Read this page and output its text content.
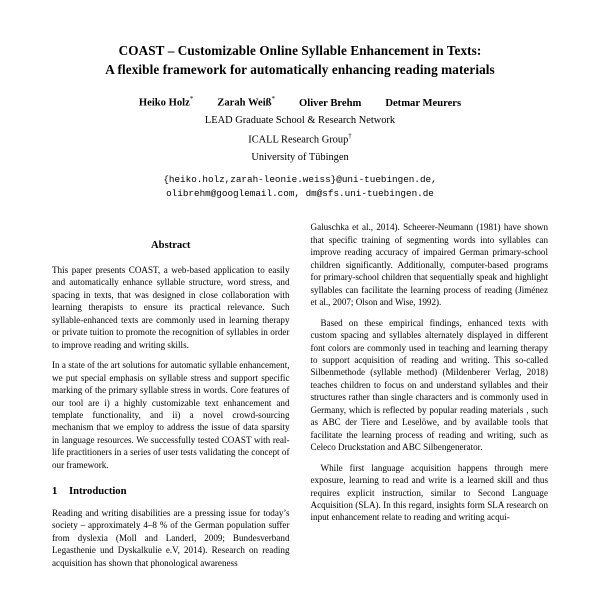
COAST – Customizable Online Syllable Enhancement in Texts:
A flexible framework for automatically enhancing reading materials
Heiko Holz* Zarah Weiß* Oliver Brehm Detmar Meurers
LEAD Graduate School & Research Network
ICALL Research Group†
University of Tübingen
{heiko.holz,zarah-leonie.weiss}@uni-tuebingen.de,
olibrehm@googlemail.com, dm@sfs.uni-tuebingen.de
Abstract

This paper presents COAST, a web-based application to easily and automatically enhance syllable structure, word stress, and spacing in texts, that was designed in close collaboration with learning therapists to ensure its practical relevance. Such syllable-enhanced texts are commonly used in learning therapy or private tuition to promote the recognition of syllables in order to improve reading and writing skills.

In a state of the art solutions for automatic syllable enhancement, we put special emphasis on syllable stress and support specific marking of the primary syllable stress in words. Core features of our tool are i) a highly customizable text enhancement and template functionality, and ii) a novel crowd-sourcing mechanism that we employ to address the issue of data sparsity in language resources. We successfully tested COAST with real-life practitioners in a series of user tests validating the concept of our framework.

1 Introduction

Reading and writing disabilities are a pressing issue for today’s society – approximately 4–8 % of the German population suffer from dyslexia (Moll and Landerl, 2009; Bundesverband Legasthenie und Dyskalkulie e.V, 2014). Research on reading acquisition has shown that phonological awareness

Galuschka et al., 2014). Scheerer-Neumann (1981) have shown that specific training of segmenting words into syllables can improve reading accuracy of impaired German primary-school children significantly. Additionally, computer-based programs for primary-school children that sequentially speak and highlight syllables can facilitate the learning process of reading (Jiménez et al., 2007; Olson and Wise, 1992).

Based on these empirical findings, enhanced texts with custom spacing and syllables alternately displayed in different font colors are commonly used in teaching and learning therapy to support acquisition of reading and writing. This so-called Silbenmethode (syllable method) (Mildenberer Verlag, 2018) teaches children to focus on and understand syllables and their structures rather than single characters and is commonly used in Germany, which is reflected by popular reading materials , such as ABC der Tiere and Leselöwe, and by available tools that facilitate the learning process of reading and writing, such as Celeco Druckstation and ABC Silbengenerator.

While first language acquisition happens through mere exposure, learning to read and write is a learned skill and thus requires explicit instruction, similar to Second Language Acquisition (SLA). In this regard, insights form SLA research on input enhancement relate to reading and writing acqui-
